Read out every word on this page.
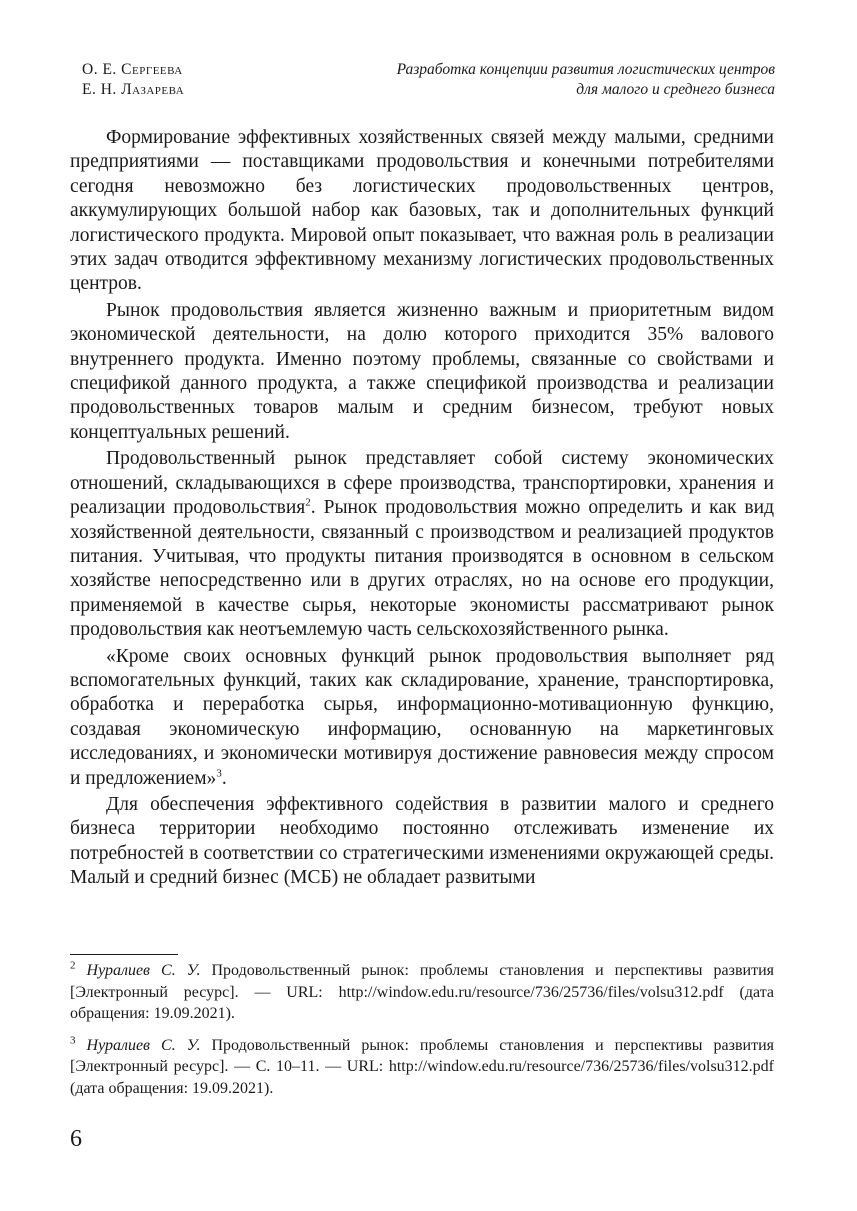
О. Е. Сергеева
Е. Н. Лазарева
Разработка концепции развития логистических центров
для малого и среднего бизнеса

Формирование эффективных хозяйственных связей между малыми, средними предприятиями — поставщиками продовольствия и конечными потребителями сегодня невозможно без логистических продовольственных центров, аккумулирующих большой набор как базовых, так и дополнительных функций логистического продукта. Мировой опыт показывает, что важная роль в реализации этих задач отводится эффективному механизму логистических продовольственных центров.

Рынок продовольствия является жизненно важным и приоритетным видом экономической деятельности, на долю которого приходится 35% валового внутреннего продукта. Именно поэтому проблемы, связанные со свойствами и спецификой данного продукта, а также спецификой производства и реализации продовольственных товаров малым и средним бизнесом, требуют новых концептуальных решений.

Продовольственный рынок представляет собой систему экономических отношений, складывающихся в сфере производства, транспортировки, хранения и реализации продовольствия$^2$. Рынок продовольствия можно определить и как вид хозяйственной деятельности, связанный с производством и реализацией продуктов питания. Учитывая, что продукты питания производятся в основном в сельском хозяйстве непосредственно или в других отраслях, но на основе его продукции, применяемой в качестве сырья, некоторые экономисты рассматривают рынок продовольствия как неотъемлемую часть сельскохозяйственного рынка.

«Кроме своих основных функций рынок продовольствия выполняет ряд вспомогательных функций, таких как складирование, хранение, транспортировка, обработка и переработка сырья, информационно-мотивационную функцию, создавая экономическую информацию, основанную на маркетинговых исследованиях, и экономически мотивируя достижение равновесия между спросом и предложением»$^3$.

Для обеспечения эффективного содействия в развитии малого и среднего бизнеса территории необходимо постоянно отслеживать изменение их потребностей в соответствии со стратегическими изменениями окружающей среды. Малый и средний бизнес (МСБ) не обладает развитыми

$^2$ Нуралиев С. У. Продовольственный рынок: проблемы становления и перспективы развития [Электронный ресурс]. — URL: http://window.edu.ru/resource/736/25736/files/volsu312.pdf (дата обращения: 19.09.2021).

$^3$ Нуралиев С. У. Продовольственный рынок: проблемы становления и перспективы развития [Электронный ресурс]. — С. 10–11. — URL: http://window.edu.ru/resource/736/25736/files/volsu312.pdf (дата обращения: 19.09.2021).

6
